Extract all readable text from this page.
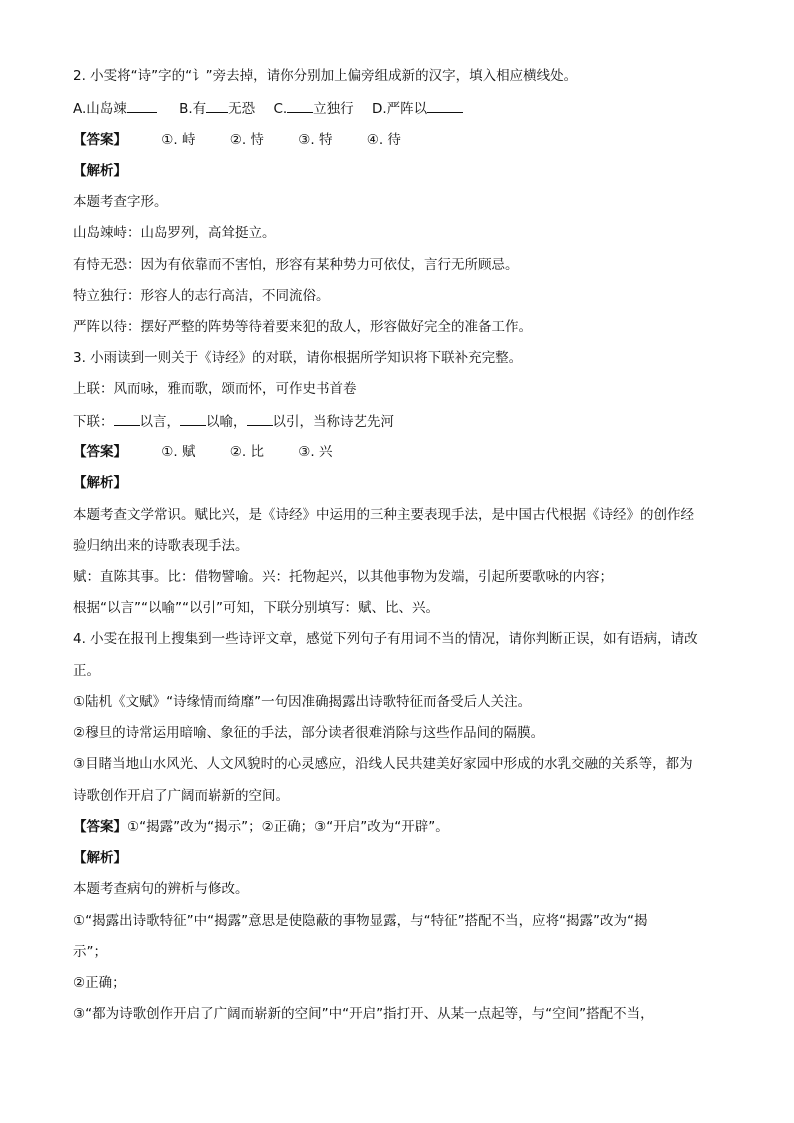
2. 小雯将“诗”字的“讠”旁去掉，请你分别加上偏旁组成新的汉字，填入相应横线处。
A.山岛竦	B.有 无恐 C. 立独行 D.严阵以
【答案】	①. 峙	②. 恃	③. 特	④. 待
【解析】
本题考查字形。
山岛竦峙：山岛罗列，高耸挺立。
有恃无恐：因为有依靠而不害怕，形容有某种势力可依仗，言行无所顾忌。
特立独行：形容人的志行高洁，不同流俗。
严阵以待：摆好严整的阵势等待着要来犯的敌人，形容做好完全的准备工作。
3. 小雨读到一则关于《诗经》的对联，请你根据所学知识将下联补充完整。
上联：风而咏，雅而歌，颂而怀，可作史书首卷
下联： 以言， 以喻， 以引，当称诗艺先河
【答案】	①. 赋	②. 比	③. 兴
【解析】
本题考查文学常识。赋比兴，是《诗经》中运用的三种主要表现手法，是中国古代根据《诗经》的创作经
验归纳出来的诗歌表现手法。
赋：直陈其事。比：借物譬喻。兴：托物起兴，以其他事物为发端，引起所要歌咏的内容；
根据“以言”“以喻”“以引”可知，下联分别填写：赋、比、兴。
4. 小雯在报刊上搜集到一些诗评文章，感觉下列句子有用词不当的情况，请你判断正误，如有语病，请改
正。
①陆机《文赋》“诗缘情而绮靡”一句因准确揭露出诗歌特征而备受后人关注。
②穆旦的诗常运用暗喻、象征的手法，部分读者很难消除与这些作品间的隔膜。
③目睹当地山水风光、人文风貌时的心灵感应，沿线人民共建美好家园中形成的水乳交融的关系等，都为
诗歌创作开启了广阔而崭新的空间。
【答案】①“揭露”改为“揭示”；②正确；③“开启”改为“开辟”。
【解析】
本题考查病句的辨析与修改。
①“揭露出诗歌特征”中“揭露”意思是使隐蔽的事物显露，与“特征”搭配不当，应将“揭露”改为“揭
示”；
②正确；
③“都为诗歌创作开启了广阔而崭新的空间”中“开启”指打开、从某一点起等，与“空间”搭配不当，
